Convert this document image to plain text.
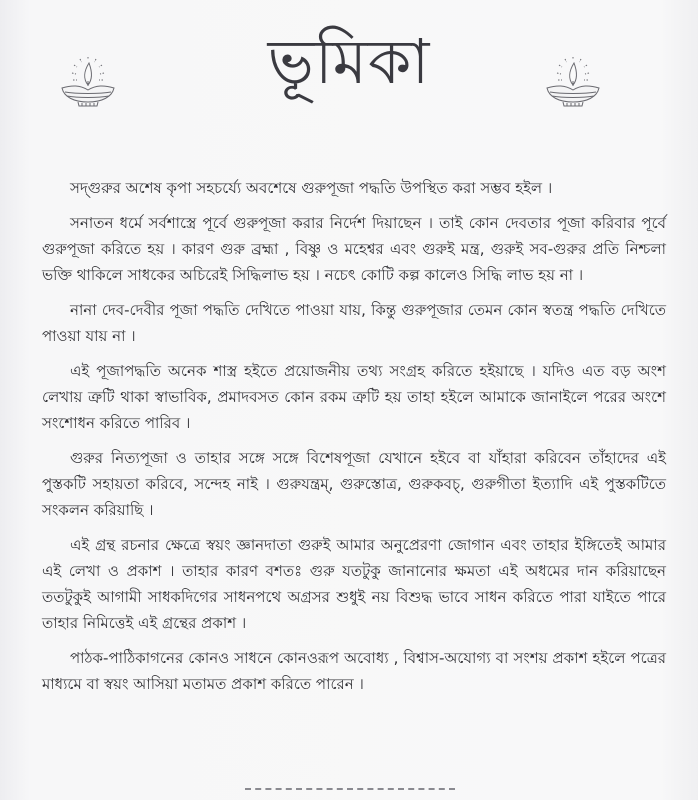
ভূমিকা

সদ্‌গুরুর অশেষ কৃপা সহচর্য্যে অবশেষে গুরুপূজা পদ্ধতি উপস্থিত করা সম্ভব হইল ।

সনাতন ধর্মে সর্বশাস্ত্রে পূর্বে গুরুপূজা করার নির্দেশ দিয়াছেন । তাই কোন দেবতার পূজা করিবার পূর্বে গুরুপূজা করিতে হয় । কারণ গুরু ব্রহ্মা , বিষ্ণু ও মহেশ্বর এবং গুরুই মন্ত্র, গুরুই সব-গুরুর প্রতি নিশ্চলা ভক্তি থাকিলে সাধকের অচিরেই সিদ্ধিলাভ হয় । নচেৎ কোটি কল্প কালেও সিদ্ধি লাভ হয় না ।

নানা দেব-দেবীর পূজা পদ্ধতি দেখিতে পাওয়া যায়, কিন্তু গুরুপূজার তেমন কোন স্বতন্ত্র পদ্ধতি দেখিতে পাওয়া যায় না ।

এই পূজাপদ্ধতি অনেক শাস্ত্র হইতে প্রয়োজনীয় তথ্য সংগ্রহ করিতে হইয়াছে । যদিও এত বড় অংশ লেখায় ত্রুটি থাকা স্বাভাবিক, প্রমাদবসত কোন রকম ত্রুটি হয় তাহা হইলে আমাকে জানাইলে পরের অংশে সংশোধন করিতে পারিব ।

গুরুর নিত্যপূজা ও তাহার সঙ্গে সঙ্গে বিশেষপূজা যেখানে হইবে বা যাঁহারা করিবেন তাঁহাদের এই পুস্তকটি সহায়তা করিবে, সন্দেহ নাই । গুরুযন্ত্রম্‌, গুরুস্তোত্র, গুরুকবচ্‌, গুরুগীতা ইত্যাদি এই পুস্তকটিতে সংকলন করিয়াছি ।

এই গ্রন্থ রচনার ক্ষেত্রে স্বয়ং জ্ঞানদাতা গুরুই আমার অনুপ্রেরণা জোগান এবং তাহার ইঙ্গিতেই আমার এই লেখা ও প্রকাশ । তাহার কারণ বশতঃ গুরু যতটুকু জানানোর ক্ষমতা এই অধমের দান করিয়াছেন ততটুকুই আগামী সাধকদিগের সাধনপথে অগ্রসর শুধুই নয় বিশুদ্ধ ভাবে সাধন করিতে পারা যাইতে পারে তাহার নিমিত্তেই এই গ্রন্থের প্রকাশ ।

পাঠক-পাঠিকাগনের কোনও সাধনে কোনওরূপ অবোধ্য , বিশ্বাস-অযোগ্য বা সংশয় প্রকাশ হইলে পত্রের মাধ্যমে বা স্বয়ং আসিয়া মতামত প্রকাশ করিতে পারেন ।
